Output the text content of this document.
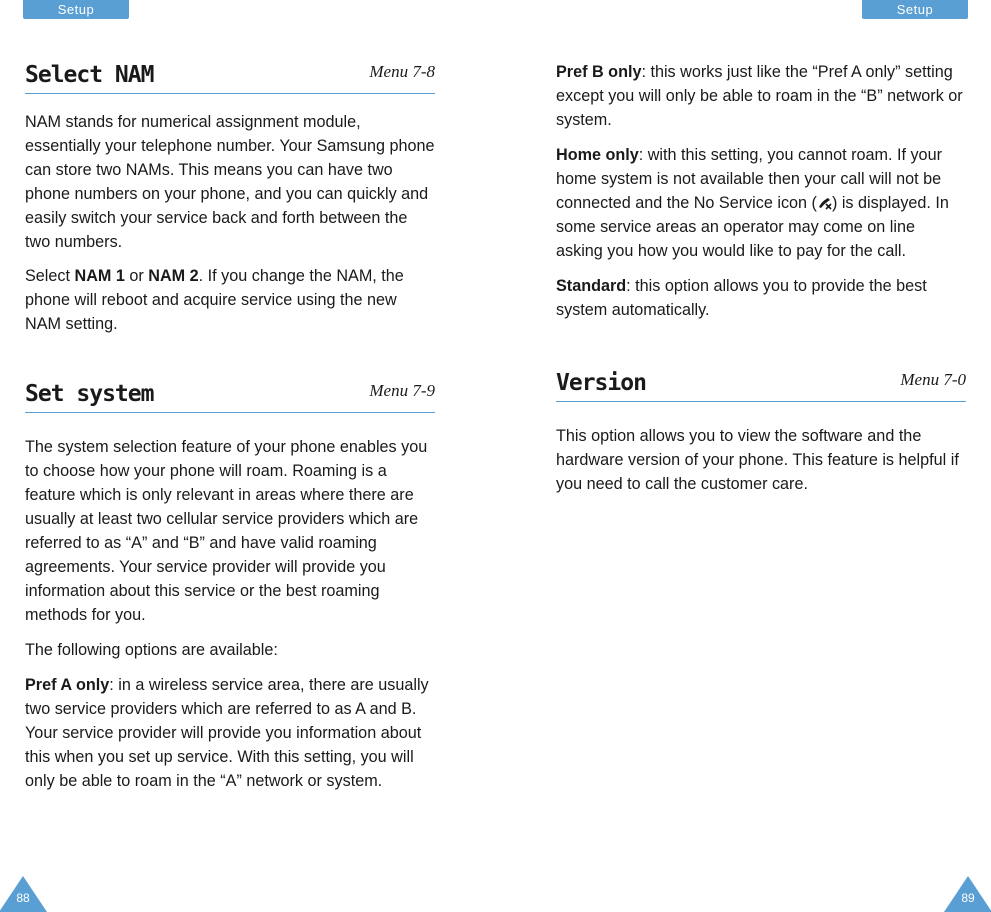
Setup	Setup
Select NAM	Menu 7-8

NAM stands for numerical assignment module, essentially your telephone number. Your Samsung phone can store two NAMs. This means you can have two phone numbers on your phone, and you can quickly and easily switch your service back and forth between the two numbers.

Select NAM 1 or NAM 2. If you change the NAM, the phone will reboot and acquire service using the new NAM setting.

Set system	Menu 7-9

The system selection feature of your phone enables you to choose how your phone will roam. Roaming is a feature which is only relevant in areas where there are usually at least two cellular service providers which are referred to as “A” and “B” and have valid roaming agreements. Your service provider will provide you information about this service or the best roaming methods for you.

The following options are available:

Pref A only: in a wireless service area, there are usually two service providers which are referred to as A and B. Your service provider will provide you information about this when you set up service. With this setting, you will only be able to roam in the “A” network or system.

Pref B only: this works just like the “Pref A only” setting except you will only be able to roam in the “B” network or system.

Home only: with this setting, you cannot roam. If your home system is not available then your call will not be connected and the No Service icon ( ) is displayed. In some service areas an operator may come on line asking you how you would like to pay for the call.

Standard: this option allows you to provide the best system automatically.

Version	Menu 7-0

This option allows you to view the software and the hardware version of your phone. This feature is helpful if you need to call the customer care.

88	89
